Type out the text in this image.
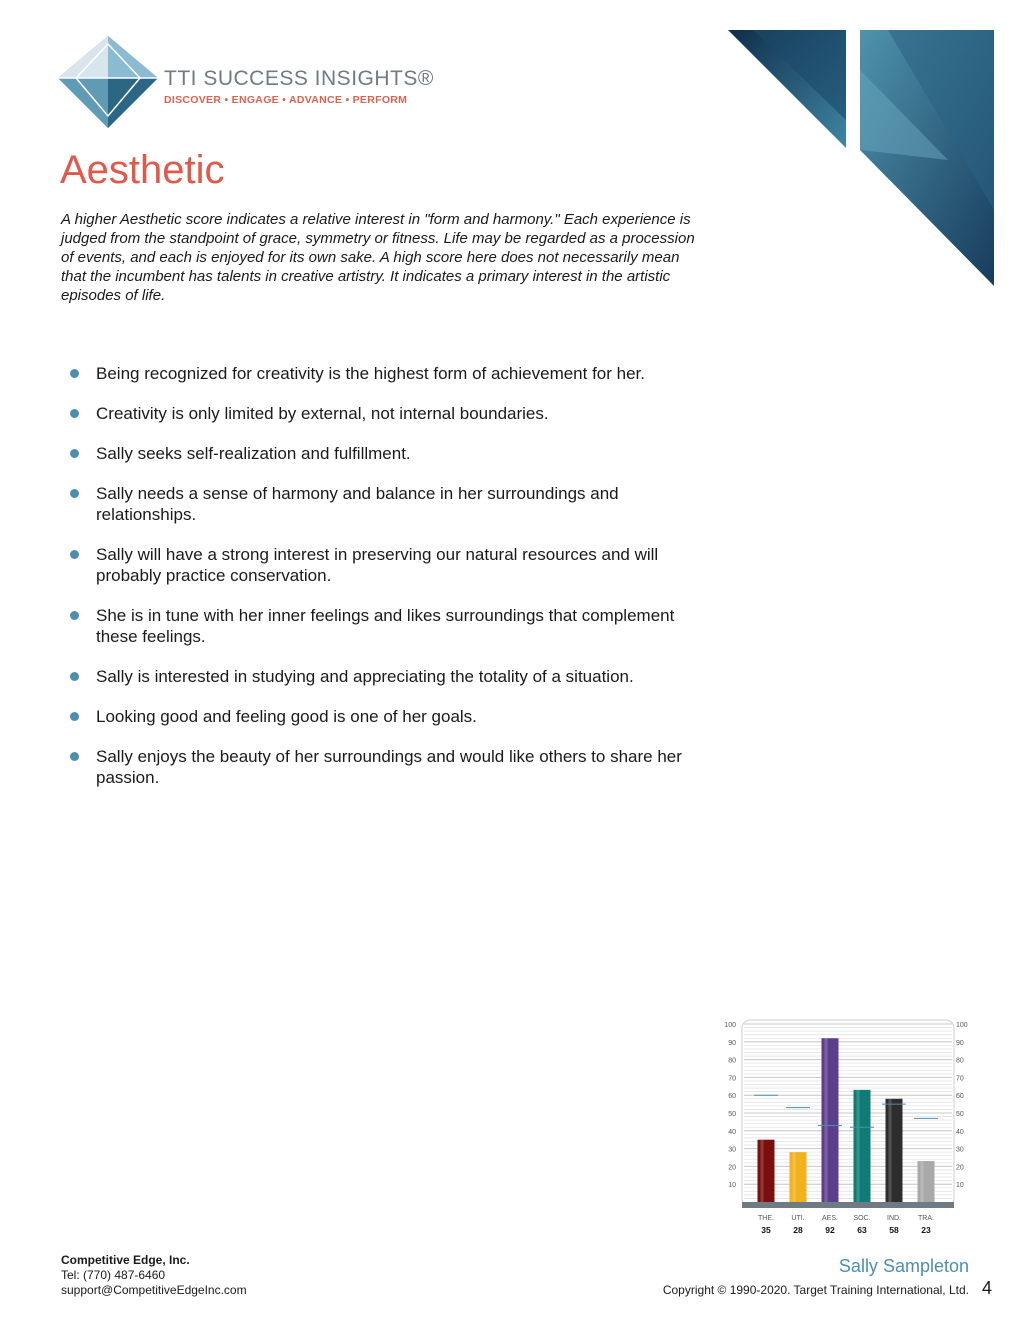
TTI SUCCESS INSIGHTS®
DISCOVER • ENGAGE • ADVANCE • PERFORM
Aesthetic

A higher Aesthetic score indicates a relative interest in "form and harmony." Each experience is judged from the standpoint of grace, symmetry or fitness. Life may be regarded as a procession of events, and each is enjoyed for its own sake. A high score here does not necessarily mean that the incumbent has talents in creative artistry. It indicates a primary interest in the artistic episodes of life.

Being recognized for creativity is the highest form of achievement for her.
Creativity is only limited by external, not internal boundaries.
Sally seeks self-realization and fulfillment.
Sally needs a sense of harmony and balance in her surroundings and relationships.
Sally will have a strong interest in preserving our natural resources and will probably practice conservation.
She is in tune with her inner feelings and likes surroundings that complement these feelings.
Sally is interested in studying and appreciating the totality of a situation.
Looking good and feeling good is one of her goals.
Sally enjoys the beauty of her surroundings and would like others to share her passion.
10	10
20	20
30	30
40	40
50	50
60	60
70	70
80	80
90	90
100	100
THE.
35
UTI.
28
AES.
92
SOC.
63
IND.
58
TRA.
23
Competitive Edge, Inc.
Tel: (770) 487-6460
support@CompetitiveEdgeInc.com
Sally Sampleton
Copyright © 1990-2020. Target Training International, Ltd. 4
